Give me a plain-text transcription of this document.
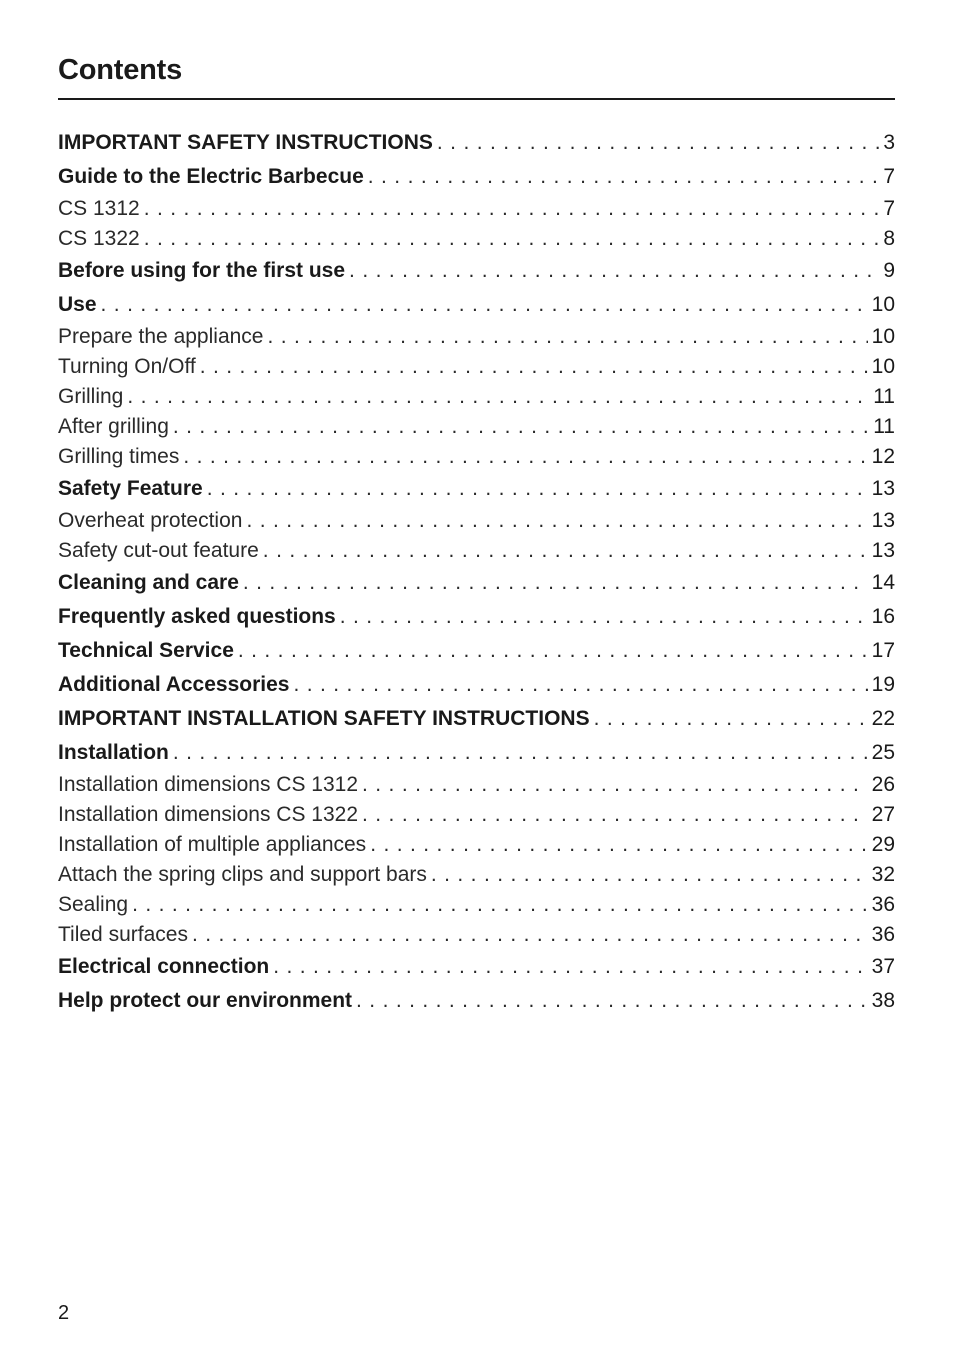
Contents
IMPORTANT SAFETY INSTRUCTIONS . . .	3
Guide to the Electric Barbecue . . .	7
CS 1312 . . .	7
CS 1322 . . .	8
Before using for the first use . . .	9
Use . . .	10
Prepare the appliance . . .	10
Turning On/Off . . .	10
Grilling . . .	11
After grilling . . .	11
Grilling times . . .	12
Safety Feature . . .	13
Overheat protection . . .	13
Safety cut-out feature . . .	13
Cleaning and care . . .	14
Frequently asked questions . . .	16
Technical Service . . .	17
Additional Accessories . . .	19
IMPORTANT INSTALLATION SAFETY INSTRUCTIONS . . .	22
Installation . . .	25
Installation dimensions CS 1312 . . .	26
Installation dimensions CS 1322 . . .	27
Installation of multiple appliances . . .	29
Attach the spring clips and support bars . . .	32
Sealing . . .	36
Tiled surfaces . . .	36
Electrical connection . . .	37
Help protect our environment . . .	38
2
